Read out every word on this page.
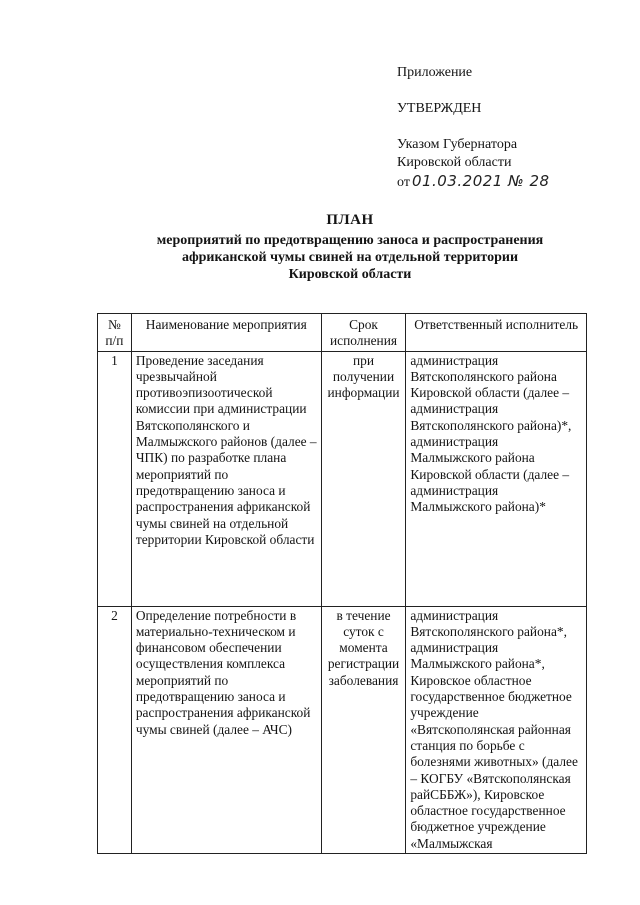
Приложение
УТВЕРЖДЕН
Указом Губернатора
Кировской области
от 01.03.2021 № 28
ПЛАН
мероприятий по предотвращению заноса и распространения
африканской чумы свиней на отдельной территории
Кировской области
№ п/п	Наименование мероприятия	Срок исполнения	Ответственный исполнитель
1	Проведение заседания чрезвычайной противоэпизоотической комиссии при администрации Вятскополянского и Малмыжского районов (далее – ЧПК) по разработке плана мероприятий по предотвращению заноса и распространения африканской чумы свиней на отдельной территории Кировской области	при получении информации	администрация Вятскополянского района Кировской области (далее – администрация Вятскополянского района)*, администрация Малмыжского района Кировской области (далее – администрация Малмыжского района)*
2	Определение потребности в материально-техническом и финансовом обеспечении осуществления комплекса мероприятий по предотвращению заноса и распространения африканской чумы свиней (далее – АЧС)	в течение суток с момента регистрации заболевания	администрация Вятскополянского района*, администрация Малмыжского района*, Кировское областное государственное бюджетное учреждение «Вятскополянская районная станция по борьбе с болезнями животных» (далее – КОГБУ «Вятскополянская райСББЖ»), Кировское областное государственное бюджетное учреждение «Малмыжская
